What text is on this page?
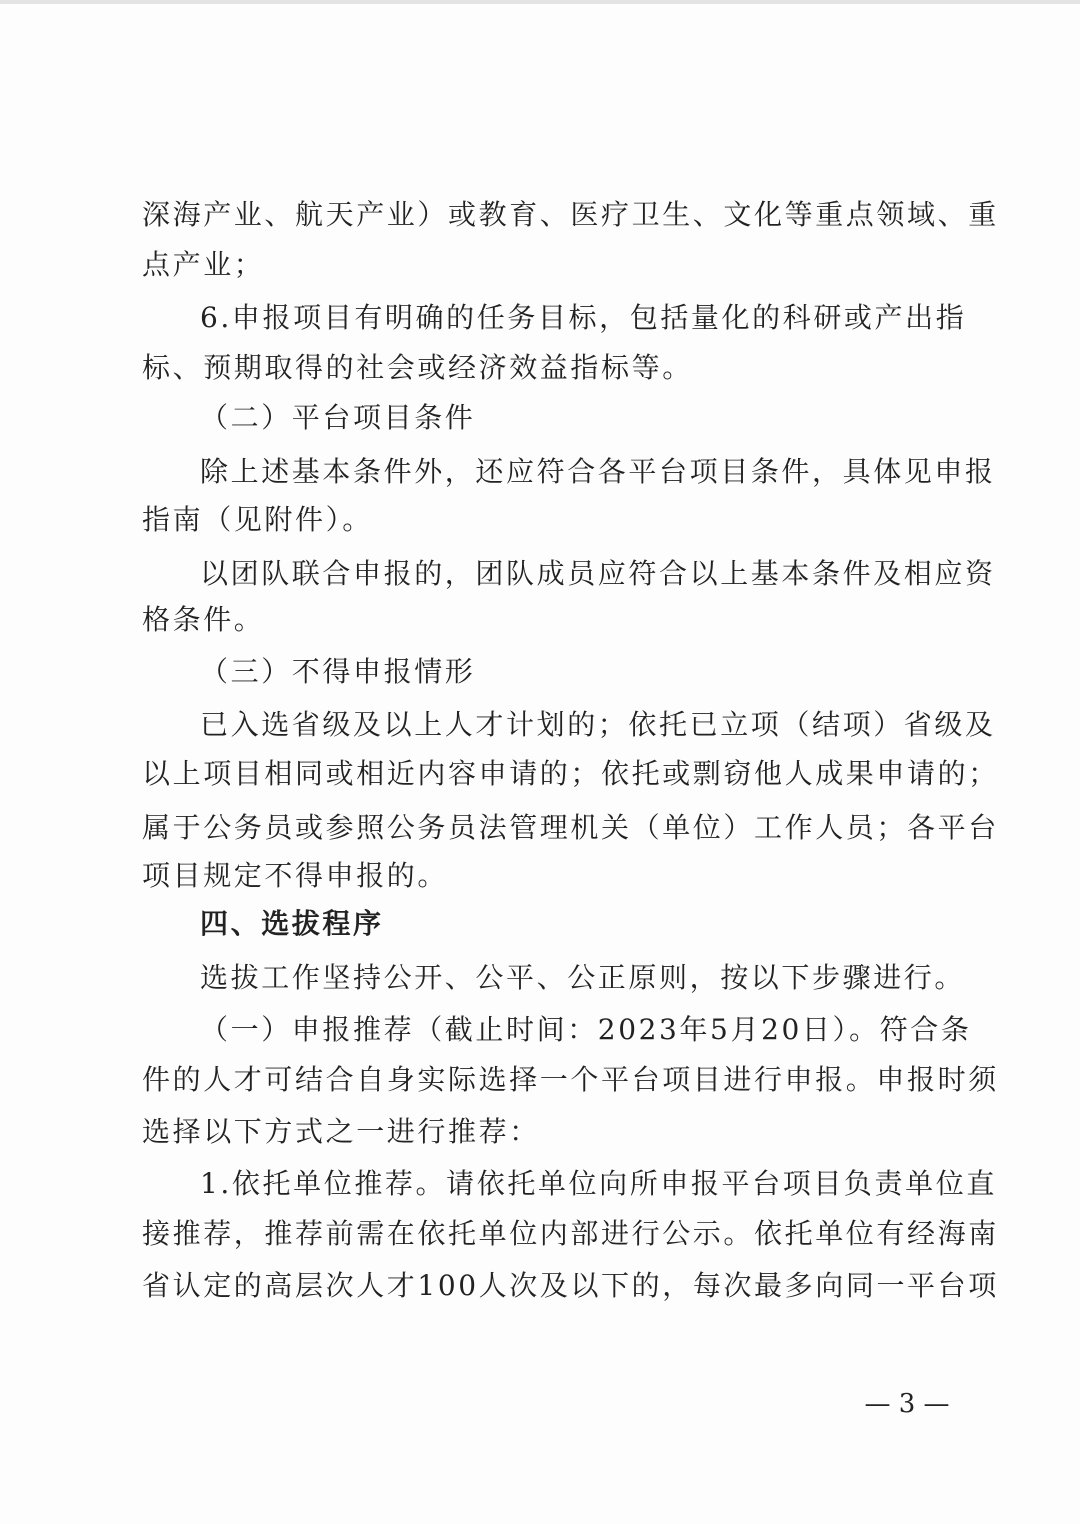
深海产业、航天产业）或教育、医疗卫生、文化等重点领域、重
点产业；
6.申报项目有明确的任务目标，包括量化的科研或产出指
标、预期取得的社会或经济效益指标等。
（二）平台项目条件
除上述基本条件外，还应符合各平台项目条件，具体见申报
指南（见附件）。
以团队联合申报的，团队成员应符合以上基本条件及相应资
格条件。
（三）不得申报情形
已入选省级及以上人才计划的；依托已立项（结项）省级及
以上项目相同或相近内容申请的；依托或剽窃他人成果申请的；
属于公务员或参照公务员法管理机关（单位）工作人员；各平台
项目规定不得申报的。
四、选拔程序
选拔工作坚持公开、公平、公正原则，按以下步骤进行。
（一）申报推荐（截止时间：2023年5月20日）。符合条
件的人才可结合自身实际选择一个平台项目进行申报。申报时须
选择以下方式之一进行推荐：
1.依托单位推荐。请依托单位向所申报平台项目负责单位直
接推荐，推荐前需在依托单位内部进行公示。依托单位有经海南
省认定的高层次人才100人次及以下的，每次最多向同一平台项
— 3 —
